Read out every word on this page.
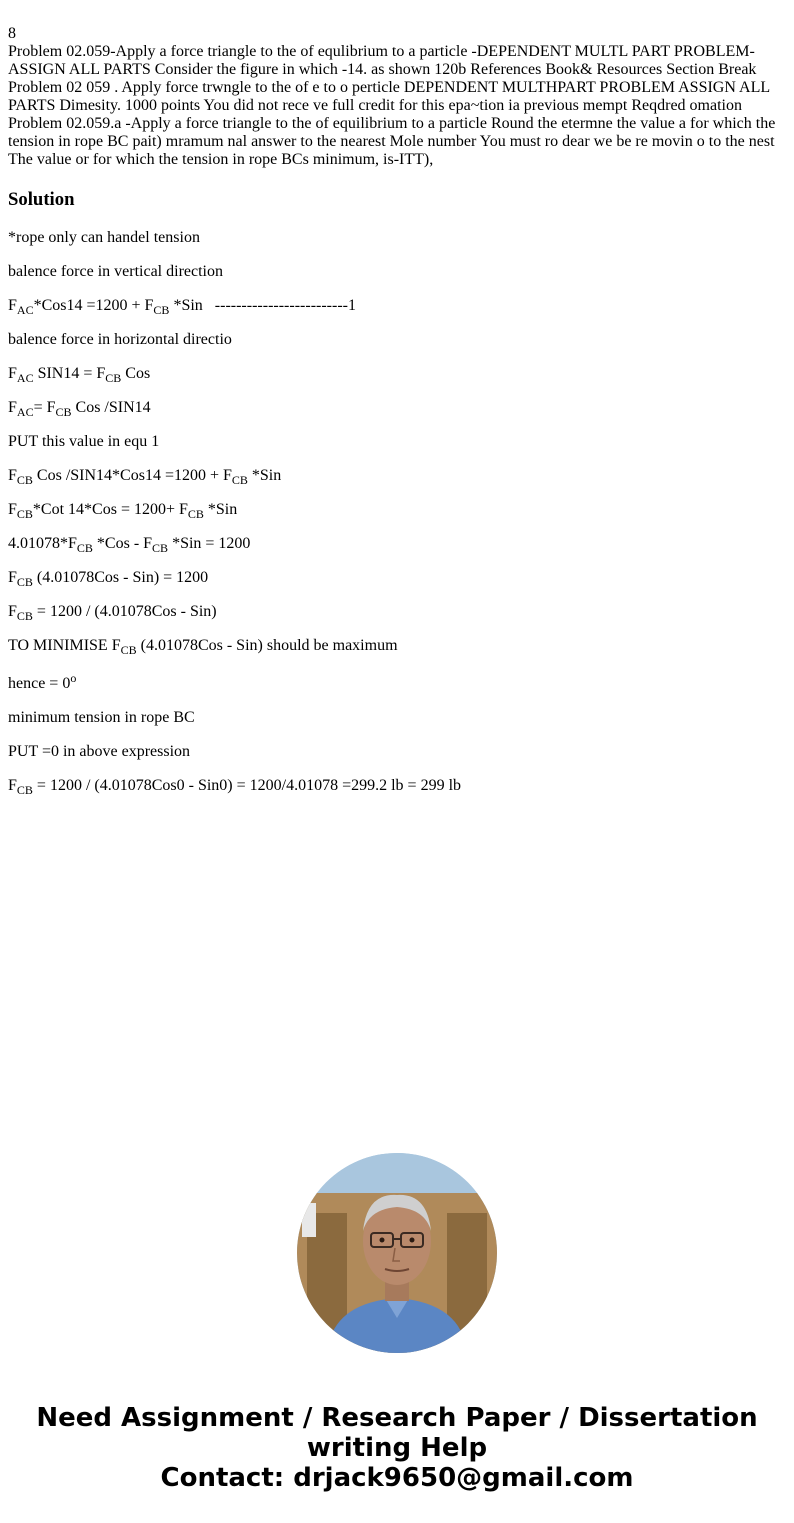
8
Problem 02.059-Apply a force triangle to the of equlibrium to a particle -DEPENDENT MULTL PART PROBLEM-ASSIGN ALL PARTS Consider the figure in which -14. as shown 120b References Book& Resources Section Break Problem 02 059 . Apply force trwngle to the of e to o perticle DEPENDENT MULTHPART PROBLEM ASSIGN ALL PARTS Dimesity. 1000 points You did not rece ve full credit for this epa~tion ia previous mempt Reqdred omation Problem 02.059.a -Apply a force triangle to the of equilibrium to a particle Round the etermne the value a for which the tension in rope BC pait) mramum nal answer to the nearest Mole number You must ro dear we be re movin o to the nest The value or for which the tension in rope BCs minimum, is-ITT),
Solution

*rope only can handel tension

balence force in vertical direction

$F_{AC}*Cos14 =1200 + F_{CB}$ *Sin   -------------------------1

balence force in horizontal directio

$F_{AC}$ $SIN14 = F_{CB}$ Cos

$F_{AC}= F_{CB}$ Cos /SIN14

PUT this value in equ 1

$F_{CB}$ Cos $/SIN14*Cos14 =1200 + F_{CB}$ *Sin

$F_{CB}*Cot$ $14*Cos = 1200+ F_{CB}$ *Sin

$4.01078*F_{CB}$ $*Cos - F_{CB}$ *Sin = 1200

$F_{CB}$ (4.01078Cos - Sin) = 1200

$F_{CB} = 1200 / (4.01078Cos - Sin)$

TO MINIMISE $F_{CB}$ (4.01078Cos - Sin) should be maximum

hence = $0^o$

minimum tension in rope BC

PUT =0 in above expression

$F_{CB} = 1200 / (4.01078Cos0 - Sin0) = 1200/4.01078 =299.2$ lb = 299 lb

Need Assignment / Research Paper / Dissertation
writing Help
Contact: drjack9650@gmail.com
